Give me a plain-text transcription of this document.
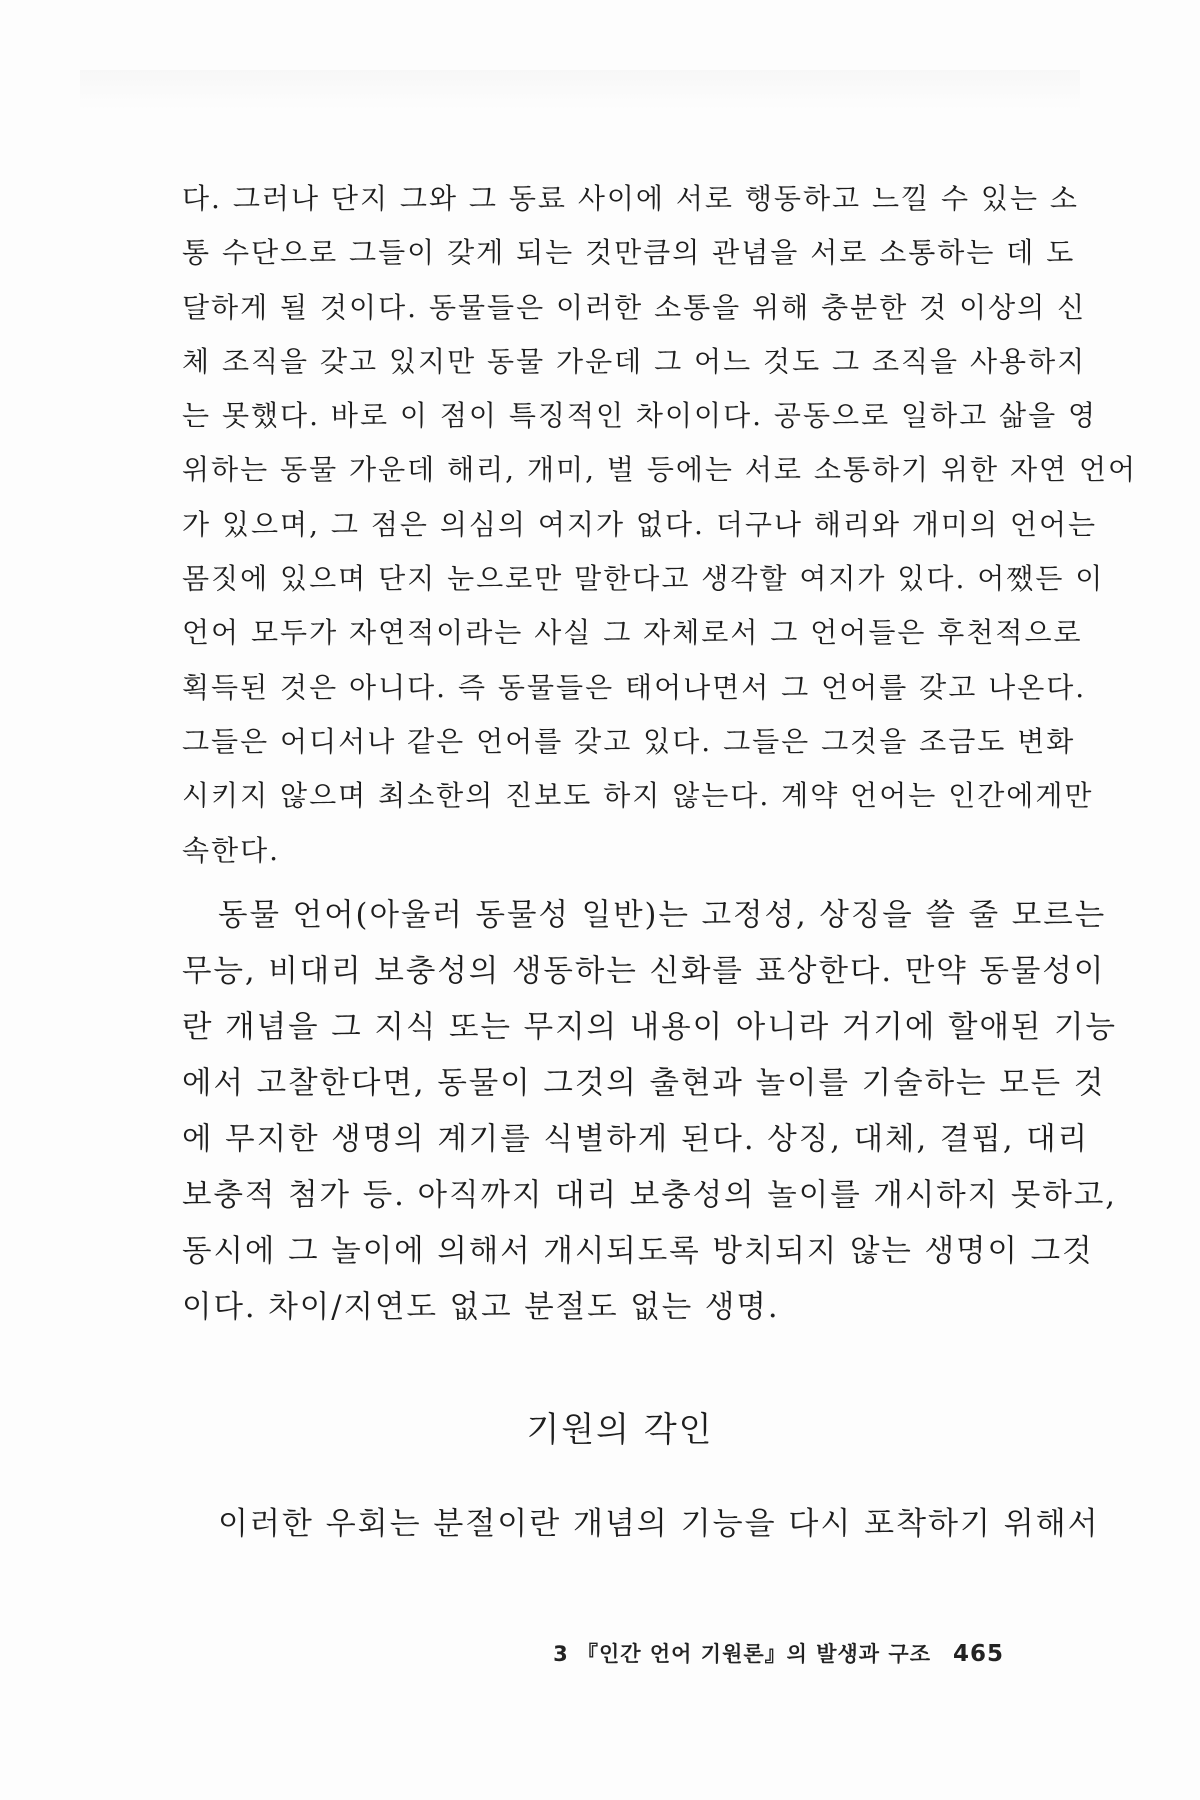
다. 그러나 단지 그와 그 동료 사이에 서로 행동하고 느낄 수 있는 소
통 수단으로 그들이 갖게 되는 것만큼의 관념을 서로 소통하는 데 도
달하게 될 것이다. 동물들은 이러한 소통을 위해 충분한 것 이상의 신
체 조직을 갖고 있지만 동물 가운데 그 어느 것도 그 조직을 사용하지
는 못했다. 바로 이 점이 특징적인 차이이다. 공동으로 일하고 삶을 영
위하는 동물 가운데 해리, 개미, 벌 등에는 서로 소통하기 위한 자연 언어
가 있으며, 그 점은 의심의 여지가 없다. 더구나 해리와 개미의 언어는
몸짓에 있으며 단지 눈으로만 말한다고 생각할 여지가 있다. 어쨌든 이
언어 모두가 자연적이라는 사실 그 자체로서 그 언어들은 후천적으로
획득된 것은 아니다. 즉 동물들은 태어나면서 그 언어를 갖고 나온다.
그들은 어디서나 같은 언어를 갖고 있다. 그들은 그것을 조금도 변화
시키지 않으며 최소한의 진보도 하지 않는다. 계약 언어는 인간에게만
속한다.
동물 언어(아울러 동물성 일반)는 고정성, 상징을 쓸 줄 모르는
무능, 비대리 보충성의 생동하는 신화를 표상한다. 만약 동물성이
란 개념을 그 지식 또는 무지의 내용이 아니라 거기에 할애된 기능
에서 고찰한다면, 동물이 그것의 출현과 놀이를 기술하는 모든 것
에 무지한 생명의 계기를 식별하게 된다. 상징, 대체, 결핍, 대리
보충적 첨가 등. 아직까지 대리 보충성의 놀이를 개시하지 못하고,
동시에 그 놀이에 의해서 개시되도록 방치되지 않는 생명이 그것
이다. 차이/지연도 없고 분절도 없는 생명.
기원의 각인
이러한 우회는 분절이란 개념의 기능을 다시 포착하기 위해서
3 『인간 언어 기원론』의 발생과 구조 465
